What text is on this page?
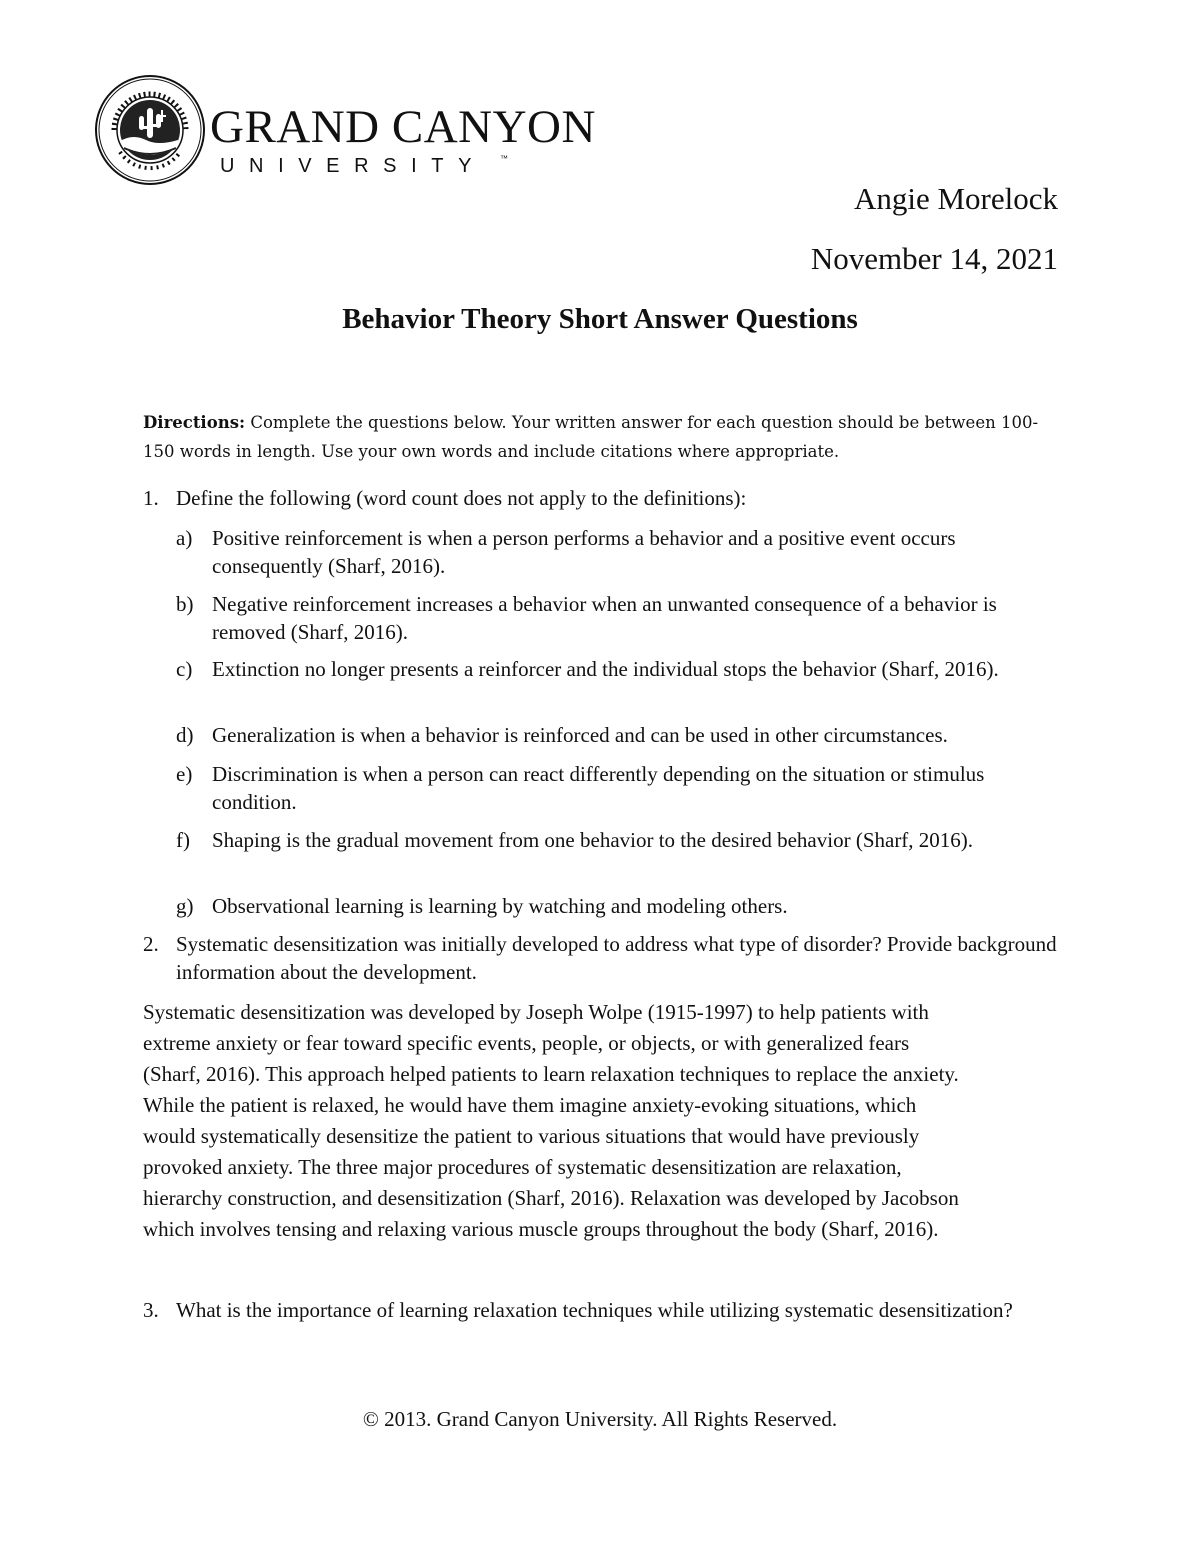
GRAND CANYON
UNIVERSITY ™
Angie Morelock
November 14, 2021
Behavior Theory Short Answer Questions
Directions: Complete the questions below. Your written answer for each question should be between 100-150 words in length. Use your own words and include citations where appropriate.
1. Define the following (word count does not apply to the definitions):
a) Positive reinforcement is when a person performs a behavior and a positive event occurs consequently (Sharf, 2016).
b) Negative reinforcement increases a behavior when an unwanted consequence of a behavior is removed (Sharf, 2016).
c) Extinction no longer presents a reinforcer and the individual stops the behavior (Sharf, 2016).
d) Generalization is when a behavior is reinforced and can be used in other circumstances.
e) Discrimination is when a person can react differently depending on the situation or stimulus condition.
f) Shaping is the gradual movement from one behavior to the desired behavior (Sharf, 2016).
g) Observational learning is learning by watching and modeling others.
2. Systematic desensitization was initially developed to address what type of disorder? Provide background information about the development.
Systematic desensitization was developed by Joseph Wolpe (1915-1997) to help patients with
extreme anxiety or fear toward specific events, people, or objects, or with generalized fears
(Sharf, 2016). This approach helped patients to learn relaxation techniques to replace the anxiety.
While the patient is relaxed, he would have them imagine anxiety-evoking situations, which
would systematically desensitize the patient to various situations that would have previously
provoked anxiety. The three major procedures of systematic desensitization are relaxation,
hierarchy construction, and desensitization (Sharf, 2016). Relaxation was developed by Jacobson
which involves tensing and relaxing various muscle groups throughout the body (Sharf, 2016).
3. What is the importance of learning relaxation techniques while utilizing systematic desensitization?
© 2013. Grand Canyon University. All Rights Reserved.
